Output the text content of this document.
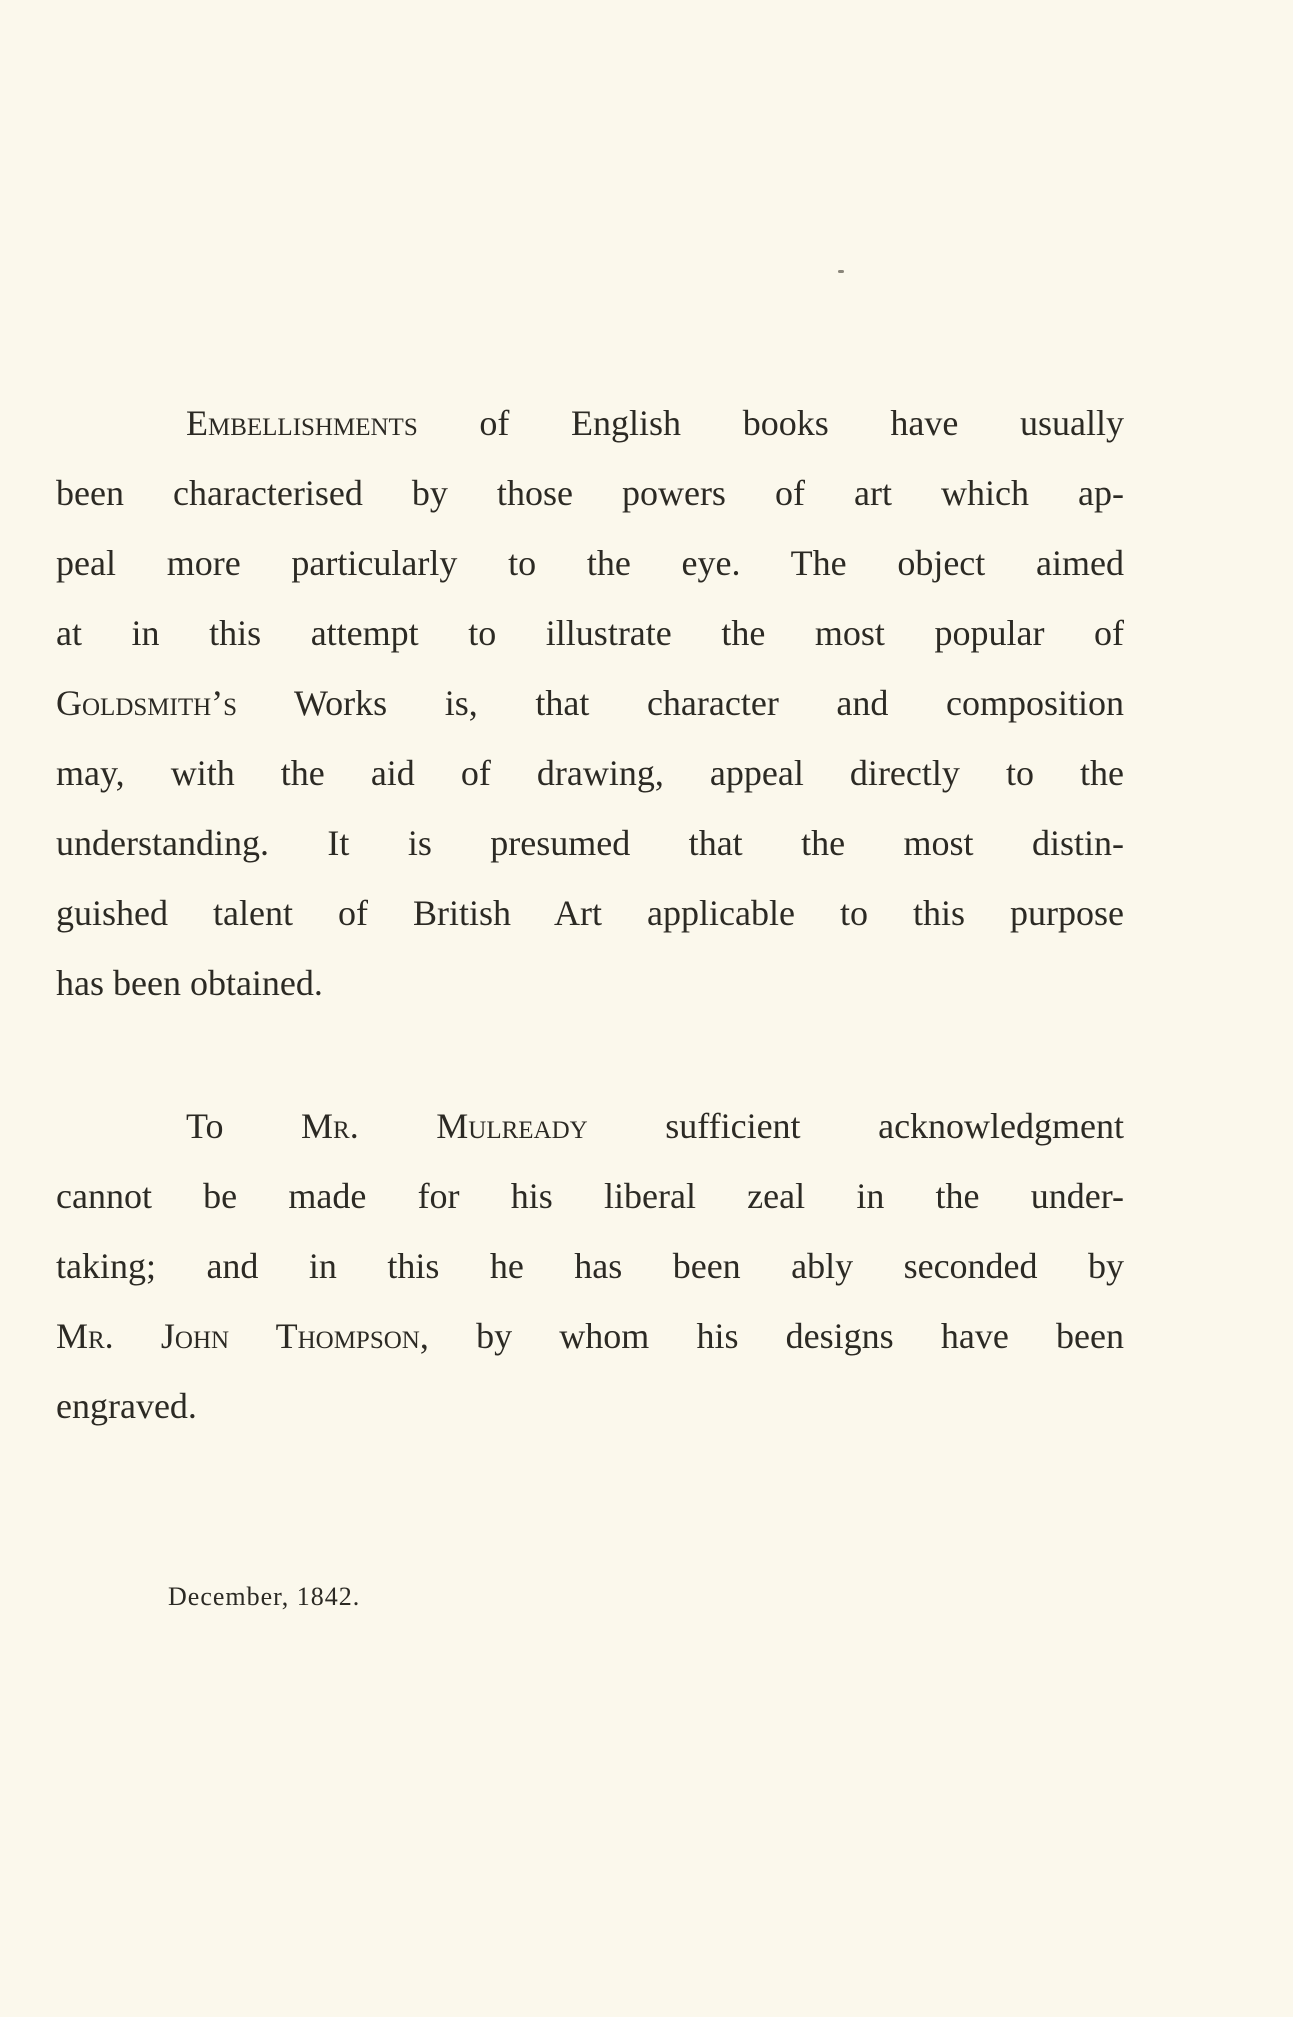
Embellishments of English books have usually
been characterised by those powers of art which ap-
peal more particularly to the eye. The object aimed
at in this attempt to illustrate the most popular of
Goldsmith’s Works is, that character and composition
may, with the aid of drawing, appeal directly to the
understanding. It is presumed that the most distin-
guished talent of British Art applicable to this purpose
has been obtained.
To Mr. Mulready sufficient acknowledgment
cannot be made for his liberal zeal in the under-
taking; and in this he has been ably seconded by
Mr. John Thompson, by whom his designs have been
engraved.
December, 1842.
